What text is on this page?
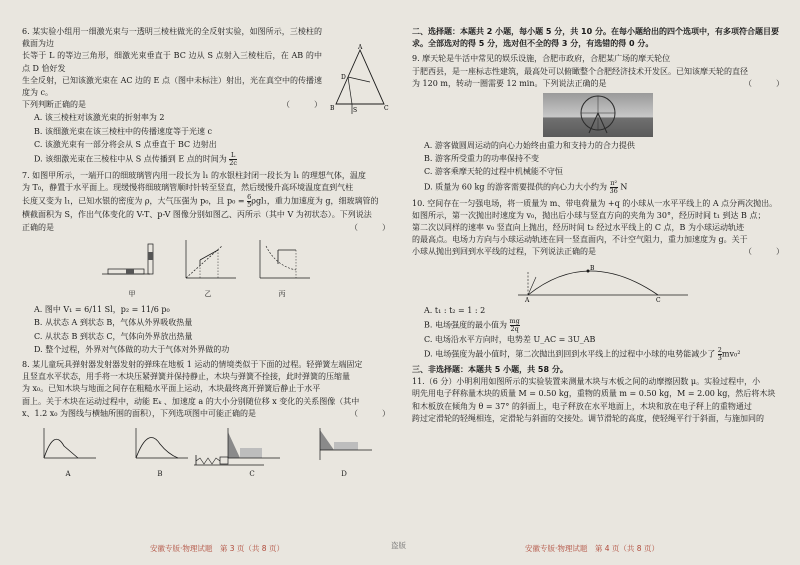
6. 某实验小组用一细激光束与一透明三棱柱做光的全反射实验，如图所示，三棱柱的截面为边

长等于 L 的等边三角形，细激光束垂直于 BC 边从 S 点射入三棱柱后，在 AB 的中点 D 恰好发

生全反射，已知该激光束在 AC 边的 E 点（图中未标注）射出，光在真空中的传播速度为 c。

下列判断正确的是	（　　　）

A. 该三棱柱对该激光束的折射率为 2

B. 该细激光束在该三棱柱中的传播速度等于光速 c

C. 该激光束有一部分将会从 S 点垂直于 BC 边射出

D. 该细激光束在三棱柱中从 S 点传播到 E 点的时间为 $\frac{L}{2c}$

A
D
B	S	C

7. 如图甲所示，一端开口的细玻璃管内用一段长为 l₁ 的水银柱封闭一段长为 l₁ 的理想气体，温度

为 T₀，静置于水平面上。现缓慢将细玻璃管顺时针转至竖直，然后缓慢升高环境温度直到气柱

长度又变为 l₁，已知水银的密度为 ρ，大气压强为 p₀，且 $p_0 = \frac{6}{5} \rho gl_1$，重力加速度为 g，细玻璃管的

横截面积为 S，作出气体变化的 V-T、p-V 图像分别如图乙、丙所示（其中 V 为初状态）。下列说法

正确的是	（　　　）

甲	乙	丙

A. 图中 V₁ = 6/11 Sl，p₂ = 11/6 p₀

B. 从状态 A 到状态 B，气体从外界吸收热量

C. 从状态 B 到状态 C，气体向外界放出热量

D. 整个过程，外界对气体做的功大于气体对外界做的功

8. 某儿童玩具弹射器发射器发射的弹珠在地板 1 运动的情境类似于下面的过程。轻弹簧左端固定

且竖直水平状态，用手将一木块压紧弹簧并保持静止，木块与弹簧不拴接，此时弹簧的压缩量

为 x₀。已知木块与地面之间存在粗糙水平面上运动，木块最终离开弹簧后静止于水平

面上。关于木块在运动过程中，动能 Eₖ 、加速度 a 的大小分别随位移 x 变化的关系图像（其中

x、1.2 x₀ 为图线与横轴所围的面积），下列选项图中可能正确的是	（　　　）

A	B	C	D
安徽专版·物理试题　第 3 页（共 8 页）	盗版

二、选择题：本题共 2 小题，每小题 5 分，共 10 分。在每小题给出的四个选项中，有多项符合题目要

求。全部选对的得 5 分，选对但不全的得 3 分，有选错的得 0 分。

9. 摩天轮是牛活中常见的娱乐设施，合肥市政府，合肥某广场的摩天轮位

于肥西县，是一座标志性建筑，最高处可以俯瞰整个合肥经济技术开发区。已知该摩天轮的直径

为 120 m，转动一圈需要 12 min。下列说法正确的是	（　　　）

A. 游客做圆周运动的向心力始终由重力和支持力的合力提供

B. 游客所受重力的功率保持不变

C. 游客乘摩天轮的过程中机械能不守恒

D. 质量为 60 kg 的游客需要提供的向心力大小约为 $\frac{\text{π²}}{36}$ N

10. 空间存在一匀强电场，将一质量为 m、带电荷量为 +q 的小球从一水平平线上的 A 点分两次抛出。

如图所示，第一次抛出时速度为 v₀，抛出后小球与竖直方向的夹角为 30°，经历时间 t₁ 到达 B 点；

第二次以同样的速率 v₀ 竖直向上抛出，经历时间 t₂ 经过水平线上的 C 点，B 为小球运动轨迹

的最高点。电场力方向与小球运动轨迹在同一竖直面内，不计空气阻力，重力加速度为 g。关于

小球从抛出到回到水平线的过程，下列说法正确的是	（　　　）

A
B
C

A. t₁ : t₂ = 1 : 2

B. 电场强度的最小值为 $\frac{mg}{2q}$

C. 电场沿水平方向时，电势差 U_AC = 3U_AB

D. 电场强度为最小值时，第二次抛出到回到水平线上的过程中小球的电势能减少了 $\frac{2}{3} mv_0^2$

三、非选择题：本题共 5 小题，共 58 分。

11.（6 分）小明利用如图所示的实验装置来测量木块与木板之间的动摩擦因数 μ。实验过程中，小

明先用电子秤称量木块的质量 M = 0.50 kg，重物的质量 m = 0.50 kg，M = 2.00 kg，然后将木块

和木板放在倾角为 θ = 37° 的斜面上，电子秤放在水平地面上，木块和放在电子秤上的重物通过

跨过定滑轮的轻绳相连，定滑轮与斜面的交接处。调节滑轮的高度，使轻绳平行于斜面，与施加同的

安徽专版·物理试题　第 4 页（共 8 页）
